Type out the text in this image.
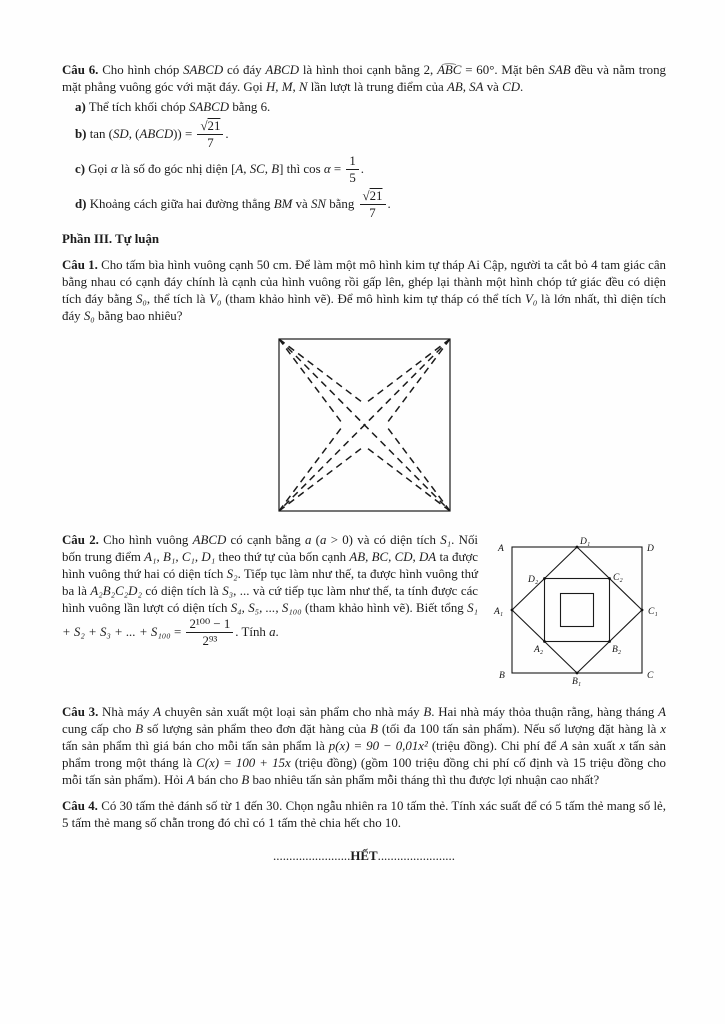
Câu 6. Cho hình chóp SABCD có đáy ABCD là hình thoi cạnh bằng 2, ⌢ ABC = 60°. Mặt bên SAB đều và nằm trong mặt phẳng vuông góc với mặt đáy. Gọi H, M, N lần lượt là trung điểm của AB, SA và CD.

a) Thể tích khối chóp SABCD bằng 6.

b) tan (SD, (ABCD)) = $\frac{√21}{7}$ .

c) Gọi α là số đo góc nhị diện [A, SC, B] thì $\cos \alpha = \frac{1}{5}$ .

d) Khoảng cách giữa hai đường thẳng BM và SN bằng $\frac{√21}{7}$ .

Phần III. Tự luận

Câu 1. Cho tấm bìa hình vuông cạnh 50 cm. Để làm một mô hình kim tự tháp Ai Cập, người ta cắt bỏ 4 tam giác cân bằng nhau có cạnh đáy chính là cạnh của hình vuông rồi gấp lên, ghép lại thành một hình chóp tứ giác đều có diện tích đáy bằng S₀, thể tích là V₀ (tham khảo hình vẽ). Để mô hình kim tự tháp có thể tích V₀ là lớn nhất, thì diện tích đáy S₀ bằng bao nhiêu?

A	D
B	C
D₁
C₁
B₁
A₁
D₂	C₂
A₂	B₂

Câu 2. Cho hình vuông ABCD có cạnh bằng a (a > 0) và có diện tích S₁. Nối bốn trung điểm A₁, B₁, C₁, D₁ theo thứ tự của bốn cạnh AB, BC, CD, DA ta được hình vuông thứ hai có diện tích S₂. Tiếp tục làm như thế, ta được hình vuông thứ ba là A₂B₂C₂D₂ có diện tích là S₃, ... và cứ tiếp tục làm như thế, ta tính được các hình vuông lần lượt có diện tích S₄, S₅, ..., S₁₀₀ (tham khảo hình vẽ). Biết tổng S₁ + S₂ + S₃ + ... + $S_{100} = \frac{\text{2¹⁰⁰ − 1}}{\text{2⁹³}}$ . Tính a.

Câu 3. Nhà máy A chuyên sản xuất một loại sản phẩm cho nhà máy B. Hai nhà máy thỏa thuận rằng, hàng tháng A cung cấp cho B số lượng sản phẩm theo đơn đặt hàng của B (tối đa 100 tấn sản phẩm). Nếu số lượng đặt hàng là x tấn sản phẩm thì giá bán cho mỗi tấn sản phẩm là p(x) = 90 − 0,01x² (triệu đồng). Chi phí để A sản xuất x tấn sản phẩm trong một tháng là C(x) = 100 + 15x (triệu đồng) (gồm 100 triệu đồng chi phí cố định và 15 triệu đồng cho mỗi tấn sản phẩm). Hỏi A bán cho B bao nhiêu tấn sản phẩm mỗi tháng thì thu được lợi nhuận cao nhất?

Câu 4. Có 30 tấm thẻ đánh số từ 1 đến 30. Chọn ngẫu nhiên ra 10 tấm thẻ. Tính xác suất để có 5 tấm thẻ mang số lẻ, 5 tấm thẻ mang số chẵn trong đó chỉ có 1 tấm thẻ chia hết cho 10.

........................HẾT........................
